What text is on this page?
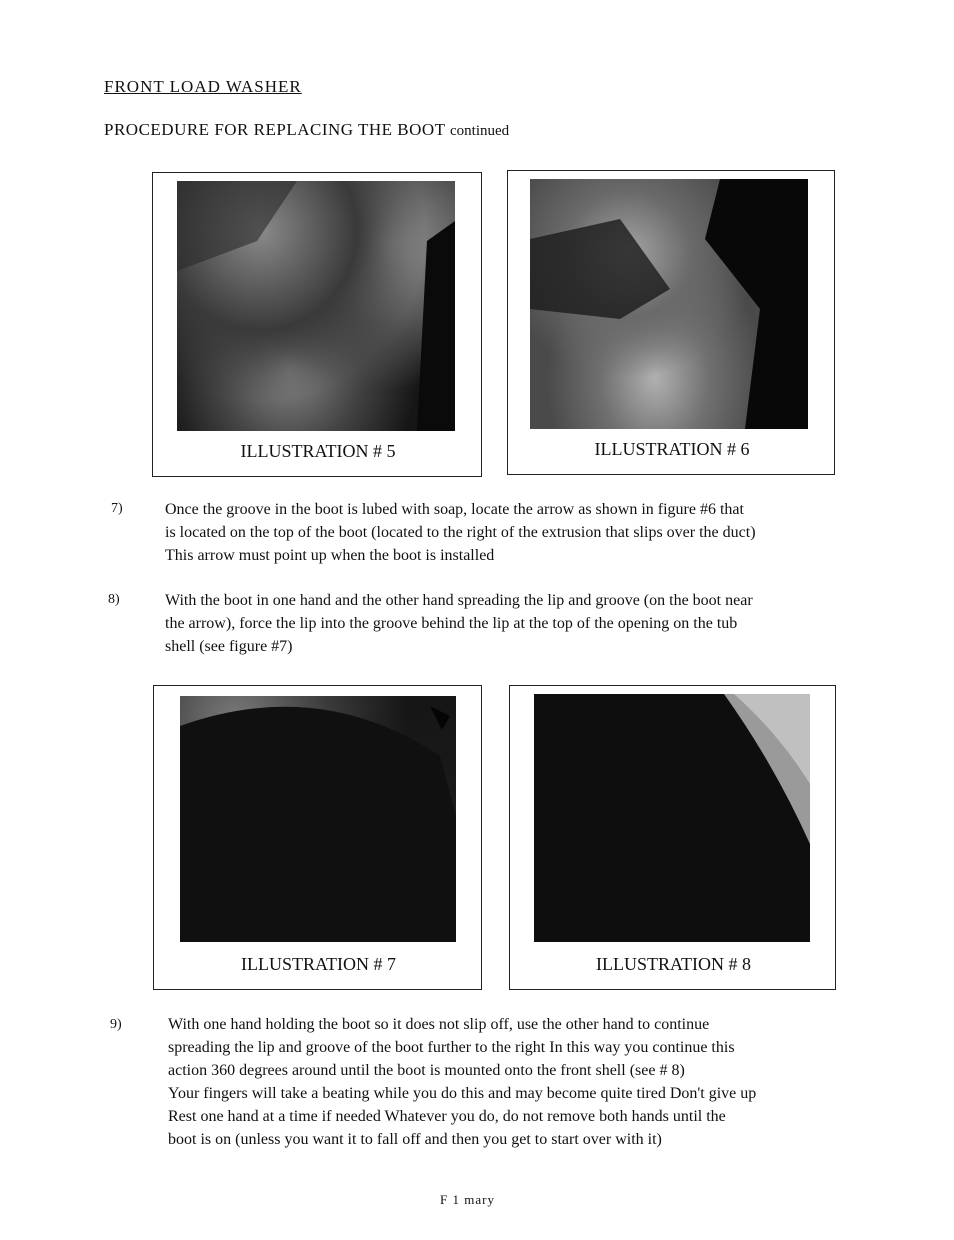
FRONT LOAD WASHER
PROCEDURE FOR REPLACING THE BOOT continued
ILLUSTRATION # 5	ILLUSTRATION # 6
7)	Once the groove in the boot is lubed with soap, locate the arrow as shown in figure #6 that

is located on the top of the boot (located to the right of the extrusion that slips over the duct)

This arrow must point up when the boot is installed

8)	With the boot in one hand and the other hand spreading the lip and groove (on the boot near

the arrow), force the lip into the groove behind the lip at the top of the opening on the tub

shell (see figure #7)

ILLUSTRATION # 7	ILLUSTRATION # 8
9)	With one hand holding the boot so it does not slip off, use the other hand to continue

spreading the lip and groove of the boot further to the right In this way you continue this

action 360 degrees around until the boot is mounted onto the front shell (see # 8)

Your fingers will take a beating while you do this and may become quite tired Don't give up

Rest one hand at a time if needed Whatever you do, do not remove both hands until the

boot is on (unless you want it to fall off and then you get to start over with it)

F 1 mary
